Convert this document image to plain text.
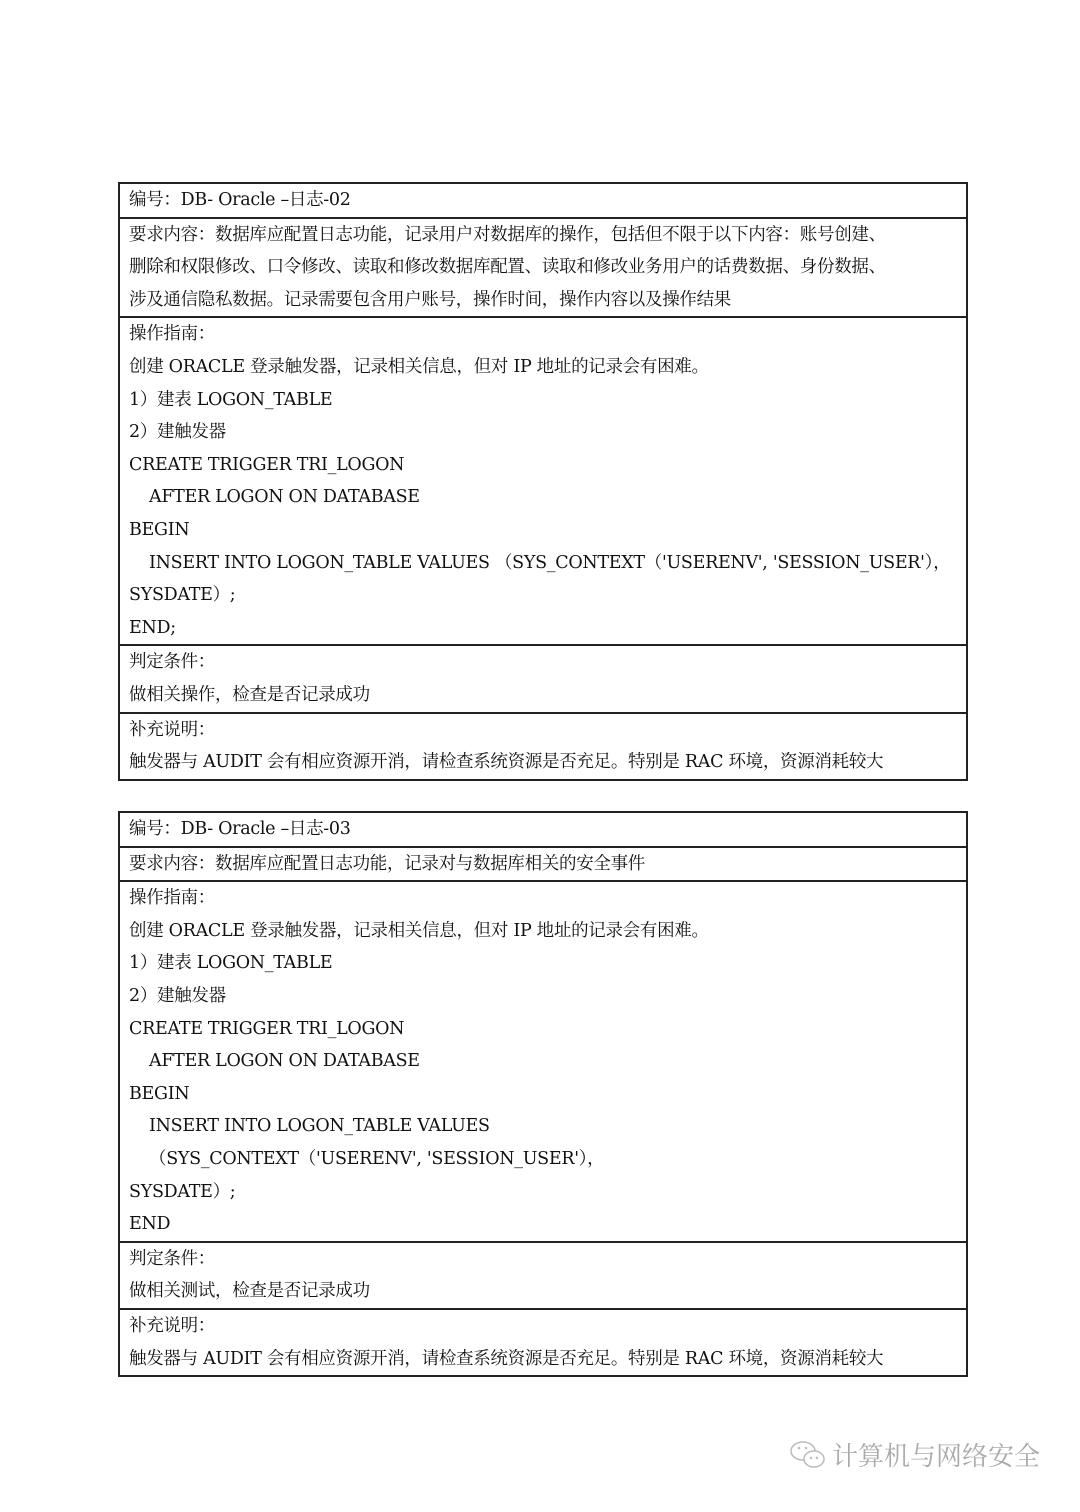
编号：DB- Oracle –日志-02
要求内容：数据库应配置日志功能，记录用户对数据库的操作，包括但不限于以下内容：账号创建、
删除和权限修改、口令修改、读取和修改数据库配置、读取和修改业务用户的话费数据、身份数据、
涉及通信隐私数据。记录需要包含用户账号，操作时间，操作内容以及操作结果
操作指南：
创建 ORACLE 登录触发器，记录相关信息，但对 IP 地址的记录会有困难。
1）建表 LOGON_TABLE
2）建触发器
CREATE TRIGGER TRI_LOGON
AFTER LOGON ON DATABASE
BEGIN
INSERT INTO LOGON_TABLE VALUES （SYS_CONTEXT（'USERENV', 'SESSION_USER'），
SYSDATE）;
END;
判定条件：
做相关操作，检查是否记录成功
补充说明：
触发器与 AUDIT 会有相应资源开消，请检查系统资源是否充足。特别是 RAC 环境，资源消耗较大
编号：DB- Oracle –日志-03
要求内容：数据库应配置日志功能，记录对与数据库相关的安全事件
操作指南：
创建 ORACLE 登录触发器，记录相关信息，但对 IP 地址的记录会有困难。
1）建表 LOGON_TABLE
2）建触发器
CREATE TRIGGER TRI_LOGON
AFTER LOGON ON DATABASE
BEGIN
INSERT INTO LOGON_TABLE VALUES
（SYS_CONTEXT（'USERENV', 'SESSION_USER'），
SYSDATE）;
END
判定条件：
做相关测试，检查是否记录成功
补充说明：
触发器与 AUDIT 会有相应资源开消，请检查系统资源是否充足。特别是 RAC 环境，资源消耗较大
计算机与网络安全
